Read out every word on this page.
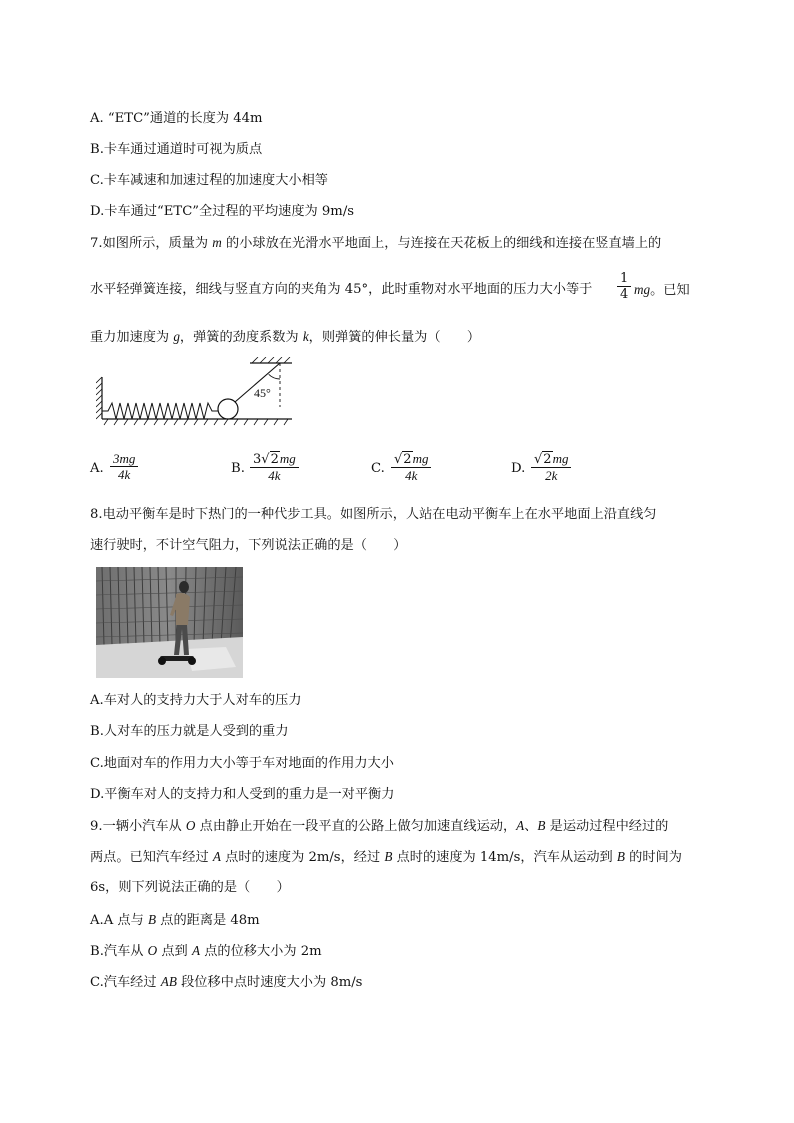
A. “ETC”通道的长度为 44m
B.卡车通过通道时可视为质点
C.卡车减速和加速过程的加速度大小相等
D.卡车通过“ETC”全过程的平均速度为 9m/s
7.如图所示，质量为 m 的小球放在光滑水平地面上，与连接在天花板上的细线和连接在竖直墙上的
水平轻弹簧连接，细线与竖直方向的夹角为 45°，此时重物对水平地面的压力大小等于 $\frac{1}{4}$ mg。已知
重力加速度为 g，弹簧的劲度系数为 k，则弹簧的伸长量为（　　）
45°
A. $\frac{3mg}{4k}$	B. $\frac{3√2mg}{4k}$	C. $\frac{√2mg}{4k}$	D. $\frac{√2mg}{2k}$
8.电动平衡车是时下热门的一种代步工具。如图所示，人站在电动平衡车上在水平地面上沿直线匀
速行驶时，不计空气阻力，下列说法正确的是（　　）
A.车对人的支持力大于人对车的压力
B.人对车的压力就是人受到的重力
C.地面对车的作用力大小等于车对地面的作用力大小
D.平衡车对人的支持力和人受到的重力是一对平衡力
9.一辆小汽车从 O 点由静止开始在一段平直的公路上做匀加速直线运动，A、B 是运动过程中经过的
两点。已知汽车经过 A 点时的速度为 2m/s，经过 B 点时的速度为 14m/s，汽车从运动到 B 的时间为
6s，则下列说法正确的是（　　）
A.A 点与 B 点的距离是 48m
B.汽车从 O 点到 A 点的位移大小为 2m
C.汽车经过 AB 段位移中点时速度大小为 8m/s
